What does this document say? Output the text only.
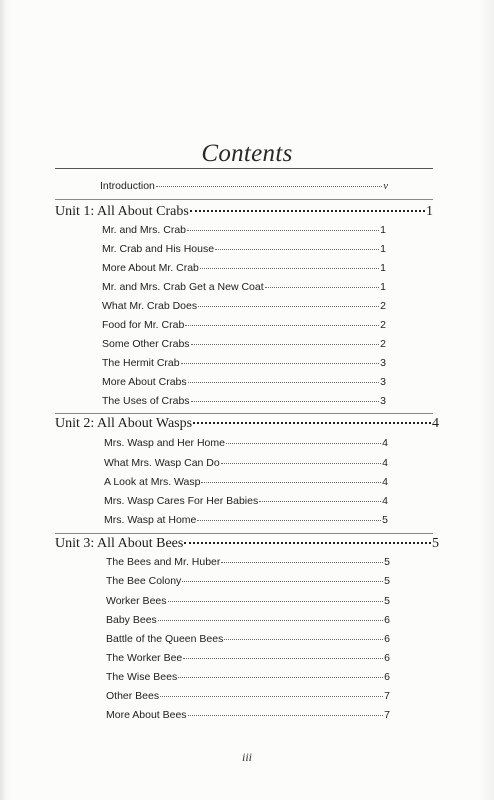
Contents
Introduction	v
Unit 1: All About Crabs	1
Mr. and Mrs. Crab	1
Mr. Crab and His House	1
More About Mr. Crab	1
Mr. and Mrs. Crab Get a New Coat	1
What Mr. Crab Does	2
Food for Mr. Crab	2
Some Other Crabs	2
The Hermit Crab	3
More About Crabs	3
The Uses of Crabs	3
Unit 2: All About Wasps	4
Mrs. Wasp and Her Home	4
What Mrs. Wasp Can Do	4
A Look at Mrs. Wasp	4
Mrs. Wasp Cares For Her Babies	4
Mrs. Wasp at Home	5
Unit 3: All About Bees	5
The Bees and Mr. Huber	5
The Bee Colony	5
Worker Bees	5
Baby Bees	6
Battle of the Queen Bees	6
The Worker Bee	6
The Wise Bees	6
Other Bees	7
More About Bees	7
iii
